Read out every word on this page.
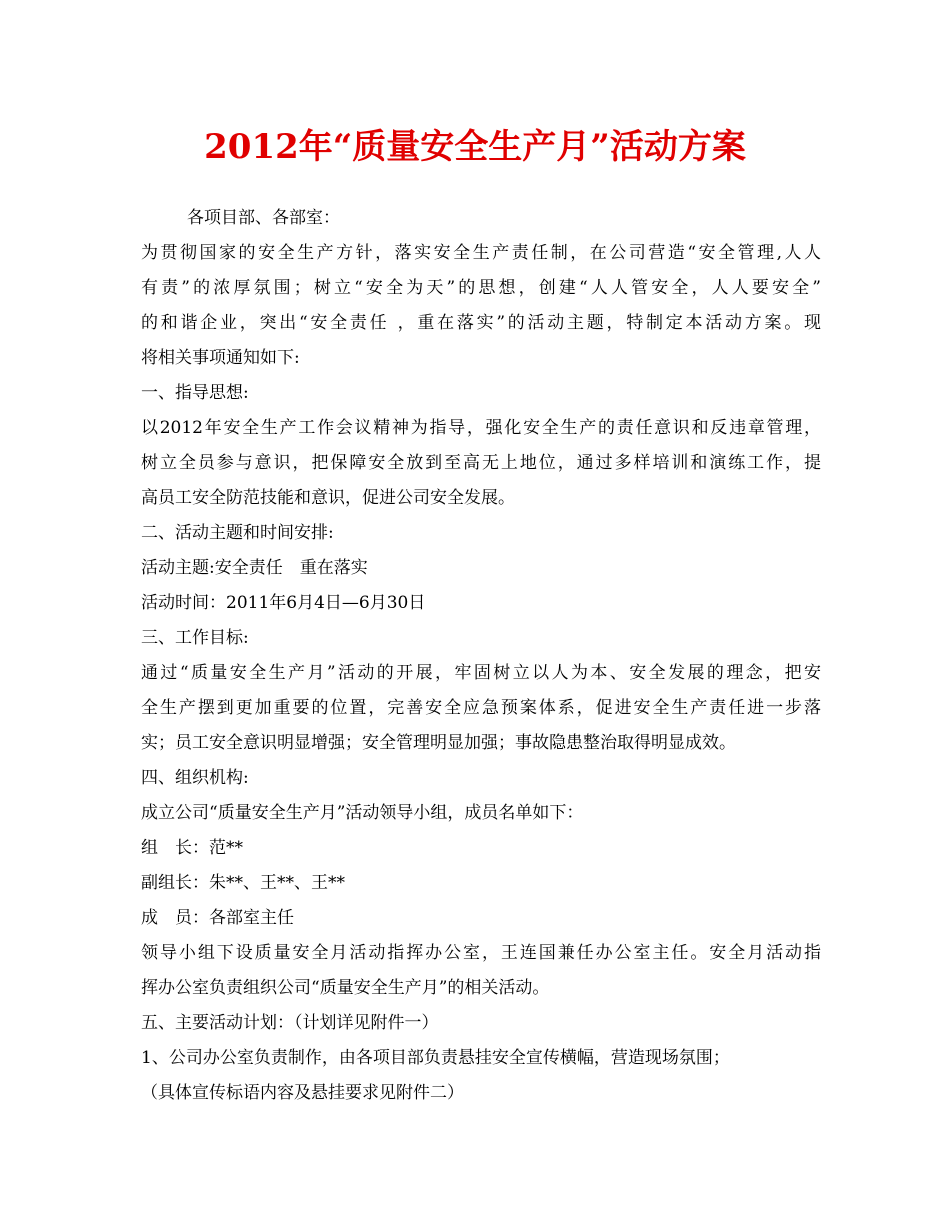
2012年“质量安全生产月”活动方案
各项目部、各部室：
为贯彻国家的安全生产方针，落实安全生产责任制，在公司营造“安全管理,人人
有责”的浓厚氛围；树立“安全为天”的思想，创建“人人管安全，人人要安全”
的和谐企业，突出“安全责任 ，重在落实”的活动主题，特制定本活动方案。现
将相关事项通知如下:
一、指导思想:
以2012年安全生产工作会议精神为指导，强化安全生产的责任意识和反违章管理，
树立全员参与意识，把保障安全放到至高无上地位，通过多样培训和演练工作，提
高员工安全防范技能和意识，促进公司安全发展。
二、活动主题和时间安排:
活动主题:安全责任　重在落实
活动时间：2011年6月4日—6月30日
三、工作目标:
通过“质量安全生产月”活动的开展，牢固树立以人为本、安全发展的理念，把安
全生产摆到更加重要的位置，完善安全应急预案体系，促进安全生产责任进一步落
实；员工安全意识明显增强；安全管理明显加强；事故隐患整治取得明显成效。
四、组织机构:
成立公司“质量安全生产月”活动领导小组，成员名单如下：
组　长：范**
副组长：朱**、王**、王**
成　员：各部室主任
领导小组下设质量安全月活动指挥办公室，王连国兼任办公室主任。安全月活动指
挥办公室负责组织公司“质量安全生产月”的相关活动。
五、主要活动计划：（计划详见附件一）
1、公司办公室负责制作，由各项目部负责悬挂安全宣传横幅，营造现场氛围；
（具体宣传标语内容及悬挂要求见附件二）
